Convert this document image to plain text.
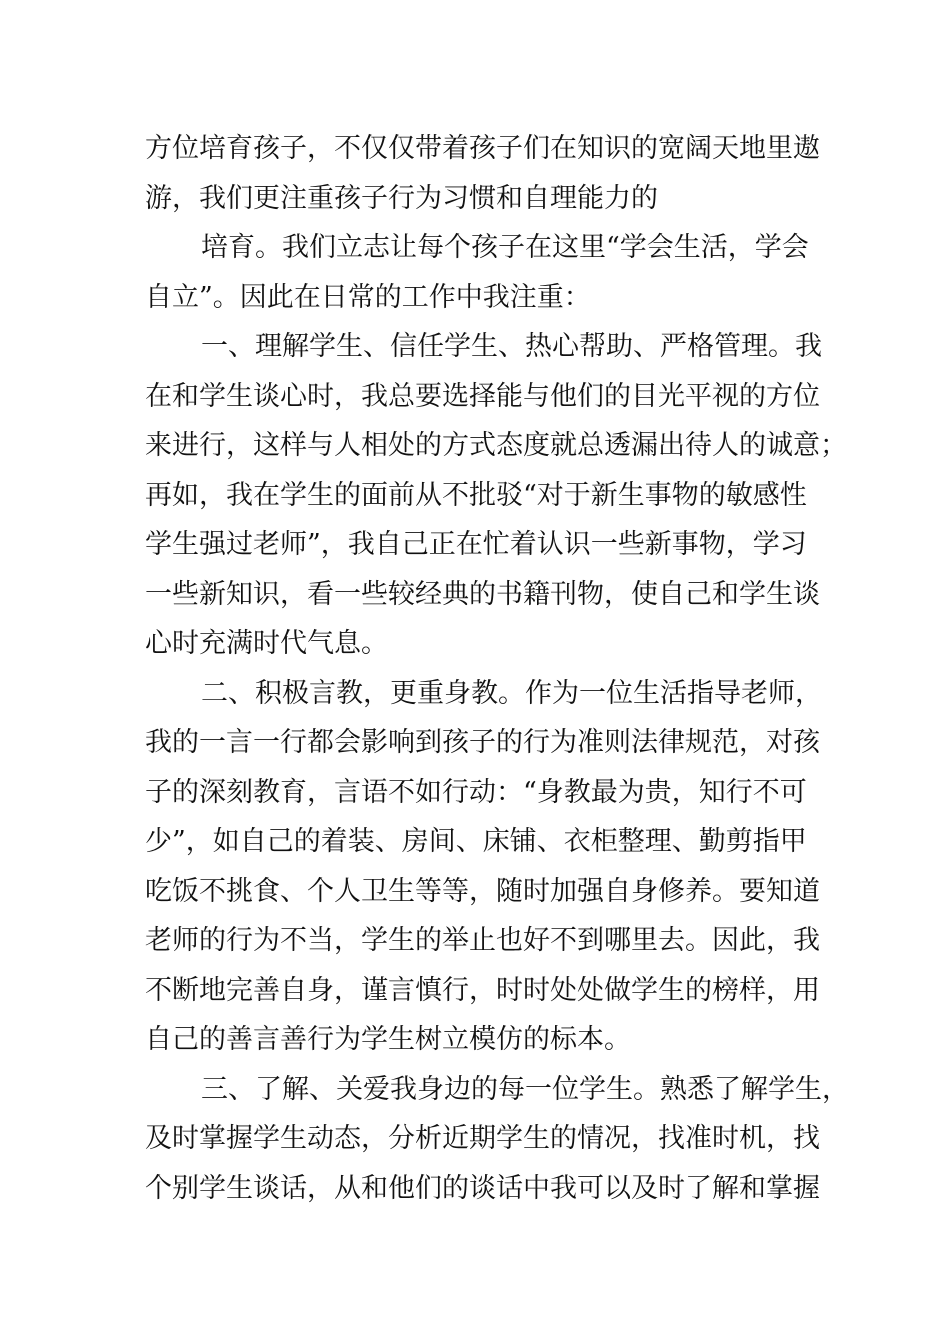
方位培育孩子，不仅仅带着孩子们在知识的宽阔天地里遨
游，我们更注重孩子行为习惯和自理能力的
培育。我们立志让每个孩子在这里“学会生活，学会
自立”。因此在日常的工作中我注重：
一、理解学生、信任学生、热心帮助、严格管理。我
在和学生谈心时，我总要选择能与他们的目光平视的方位
来进行，这样与人相处的方式态度就总透漏出待人的诚意；
再如，我在学生的面前从不批驳“对于新生事物的敏感性
学生强过老师”，我自己正在忙着认识一些新事物，学习
一些新知识，看一些较经典的书籍刊物，使自己和学生谈
心时充满时代气息。
二、积极言教，更重身教。作为一位生活指导老师，
我的一言一行都会影响到孩子的行为准则法律规范，对孩
子的深刻教育，言语不如行动：“身教最为贵，知行不可
少”，如自己的着装、房间、床铺、衣柜整理、勤剪指甲
吃饭不挑食、个人卫生等等，随时加强自身修养。要知道
老师的行为不当，学生的举止也好不到哪里去。因此，我
不断地完善自身，谨言慎行，时时处处做学生的榜样，用
自己的善言善行为学生树立模仿的标本。
三、了解、关爱我身边的每一位学生。熟悉了解学生，
及时掌握学生动态，分析近期学生的情况，找准时机，找
个别学生谈话，从和他们的谈话中我可以及时了解和掌握
